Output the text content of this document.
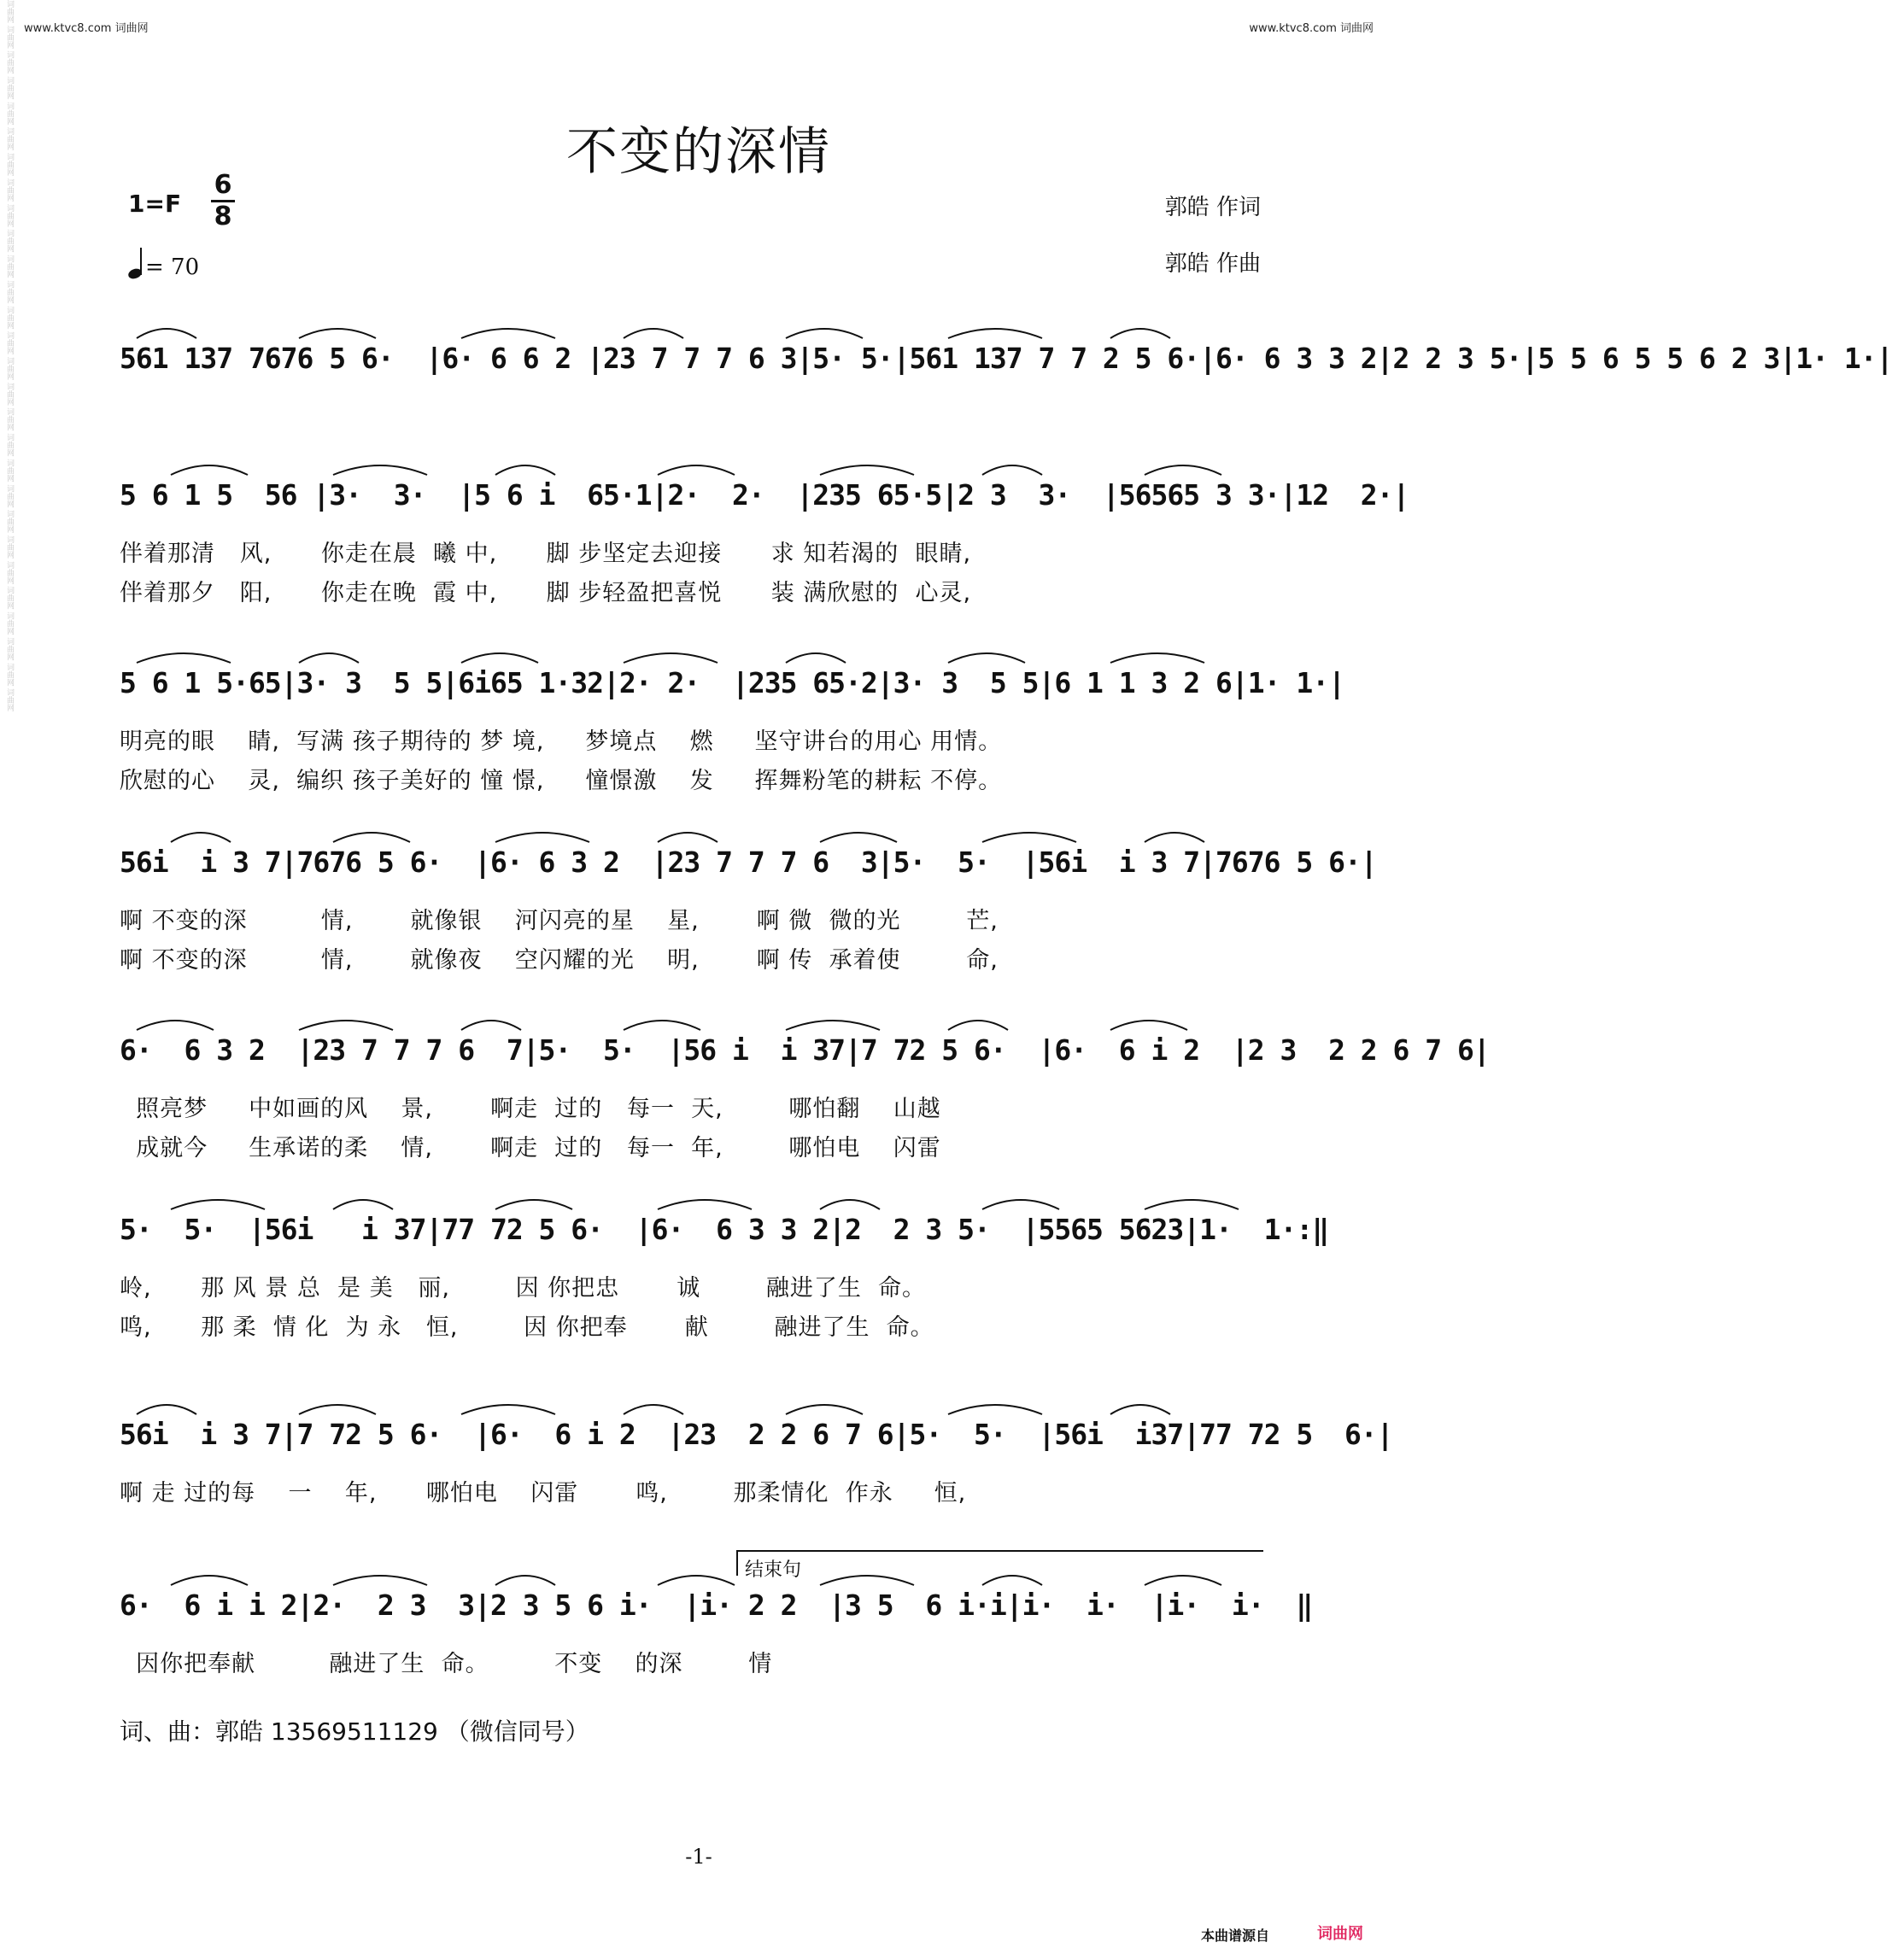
词曲网 词曲网 词曲网 词曲网 词曲网 词曲网 词曲网 词曲网 词曲网 词曲网 词曲网 词曲网 词曲网 词曲网 词曲网 词曲网 词曲网 词曲网 词曲网 词曲网 词曲网 词曲网 词曲网 词曲网 词曲网 词曲网 词曲网 词曲网 www.ktvc8.com 词曲网	www.ktvc8.com 词曲网
不变的深情
1=F
6
8
= 70
郭皓 作词
郭皓 作曲
561 137 7676 5 6·  |6· 6 6 2 |23 7 7 7 6 3|5· 5·|561 137 7 7 2 5 6·|6· 6 3 3 2|2 2 3 5·|5 5 6 5 5 6 2 3|1· 1·|
5 6 1 5  56 |3·  3·  |5 6 i  65·1|2·  2·  |235 65·5|2 3  3·  |56565 3 3·|12  2·|
伴着那清   风,      你走在晨  曦 中,      脚 步坚定去迎接      求 知若渴的  眼睛,
伴着那夕   阳,      你走在晚  霞 中,      脚 步轻盈把喜悦      装 满欣慰的  心灵,
5 6 1 5·65|3· 3  5 5|6i65 1·32|2· 2·  |235 65·2|3· 3  5 5|6 1 1 3 2 6|1· 1·|
明亮的眼    睛,  写满 孩子期待的 梦 境,     梦境点    燃     坚守讲台的用心 用情。
欣慰的心    灵,  编织 孩子美好的 憧 憬,     憧憬激    发     挥舞粉笔的耕耘 不停。
56i  i 3 7|7676 5 6·  |6· 6 3 2  |23 7 7 7 6  3|5·  5·  |56i  i 3 7|7676 5 6·|
啊 不变的深         情,       就像银    河闪亮的星    星,       啊 微  微的光        芒,
啊 不变的深         情,       就像夜    空闪耀的光    明,       啊 传  承着使        命,
6·  6 3 2  |23 7 7 7 6  7|5·  5·  |56 i  i 37|7 72 5 6·  |6·  6 i 2  |2 3  2 2 6 7 6|
照亮梦     中如画的风    景,       啊走  过的   每一  天,        哪怕翻    山越
成就今     生承诺的柔    情,       啊走  过的   每一  年,        哪怕电    闪雷
5·  5·  |56i   i 37|77 72 5 6·  |6·  6 3 3 2|2  2 3 5·  |5565 5623|1·  1·:‖
岭,      那 风 景 总  是 美   丽,        因 你把忠       诚        融进了生  命。
鸣,      那 柔  情 化  为 永   恒,        因 你把奉       献        融进了生  命。
56i  i 3 7|7 72 5 6·  |6·  6 i 2  |23  2 2 6 7 6|5·  5·  |56i  i37|77 72 5  6·|
啊 走 过的每    一    年,      哪怕电    闪雷       鸣,        那柔情化  作永     恒,
6·  6 i i 2|2·  2 3  3|2 3 5 6 i·  |i· 2 2  |3 5  6 i·i|i·  i·  |i·  i·  ‖
因你把奉献         融进了生  命。        不变    的深        情
结束句
词、曲：郭皓 13569511129 （微信同号）
-1-
本曲谱源自	词曲网
